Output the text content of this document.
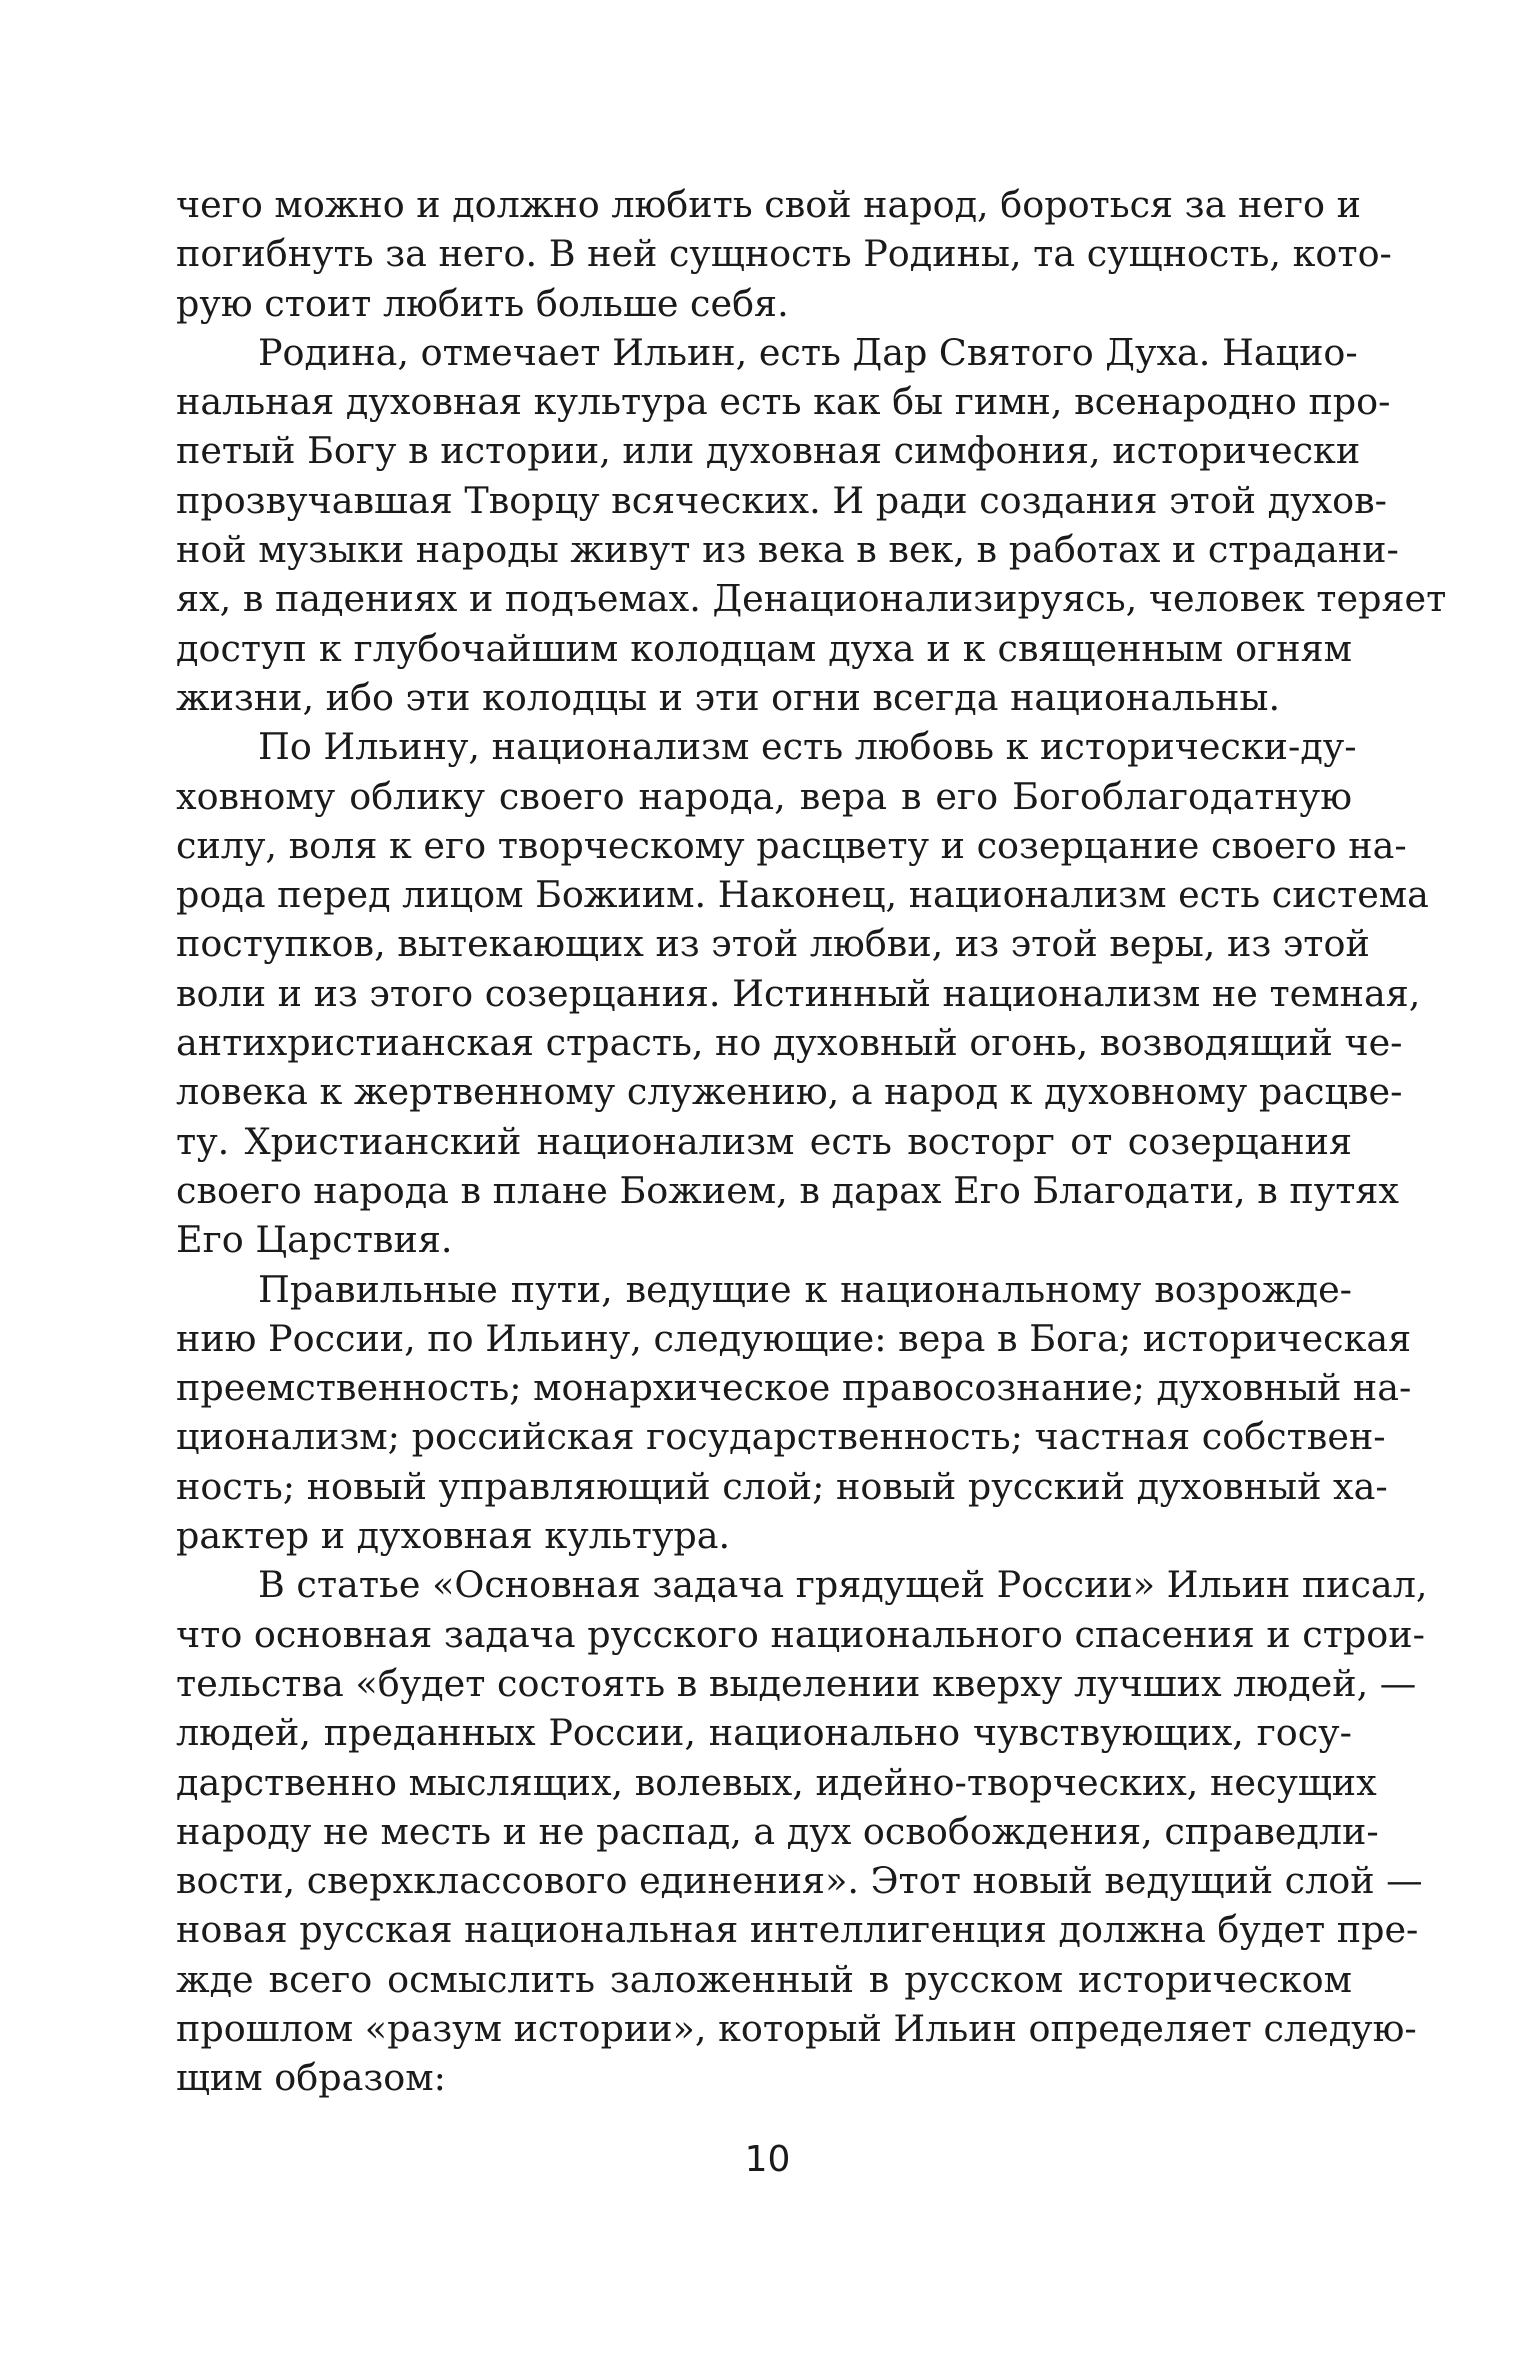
чего можно и должно любить свой народ, бороться за него и
погибнуть за него. В ней сущность Родины, та сущность, кото-
рую стоит любить больше себя.

Родина, отмечает Ильин, есть Дар Святого Духа. Нацио-
нальная духовная культура есть как бы гимн, всенародно про-
петый Богу в истории, или духовная симфония, исторически
прозвучавшая Творцу всяческих. И ради создания этой духов-
ной музыки народы живут из века в век, в работах и страдани-
ях, в падениях и подъемах. Денационализируясь, человек теряет
доступ к глубочайшим колодцам духа и к священным огням
жизни, ибо эти колодцы и эти огни всегда национальны.

По Ильину, национализм есть любовь к исторически-ду-
ховному облику своего народа, вера в его Богоблагодатную
силу, воля к его творческому расцвету и созерцание своего на-
рода перед лицом Божиим. Наконец, национализм есть система
поступков, вытекающих из этой любви, из этой веры, из этой
воли и из этого созерцания. Истинный национализм не темная,
антихристианская страсть, но духовный огонь, возводящий че-
ловека к жертвенному служению, а народ к духовному расцве-
ту. Христианский национализм есть восторг от созерцания
своего народа в плане Божием, в дарах Его Благодати, в путях
Его Царствия.

Правильные пути, ведущие к национальному возрожде-
нию России, по Ильину, следующие: вера в Бога; историческая
преемственность; монархическое правосознание; духовный на-
ционализм; российская государственность; частная собствен-
ность; новый управляющий слой; новый русский духовный ха-
рактер и духовная культура.

В статье «Основная задача грядущей России» Ильин писал,
что основная задача русского национального спасения и строи-
тельства «будет состоять в выделении кверху лучших людей, —
людей, преданных России, национально чувствующих, госу-
дарственно мыслящих, волевых, идейно-творческих, несущих
народу не месть и не распад, а дух освобождения, справедли-
вости, сверхклассового единения». Этот новый ведущий слой —
новая русская национальная интеллигенция должна будет пре-
жде всего осмыслить заложенный в русском историческом
прошлом «разум истории», который Ильин определяет следую-
щим образом:

10
